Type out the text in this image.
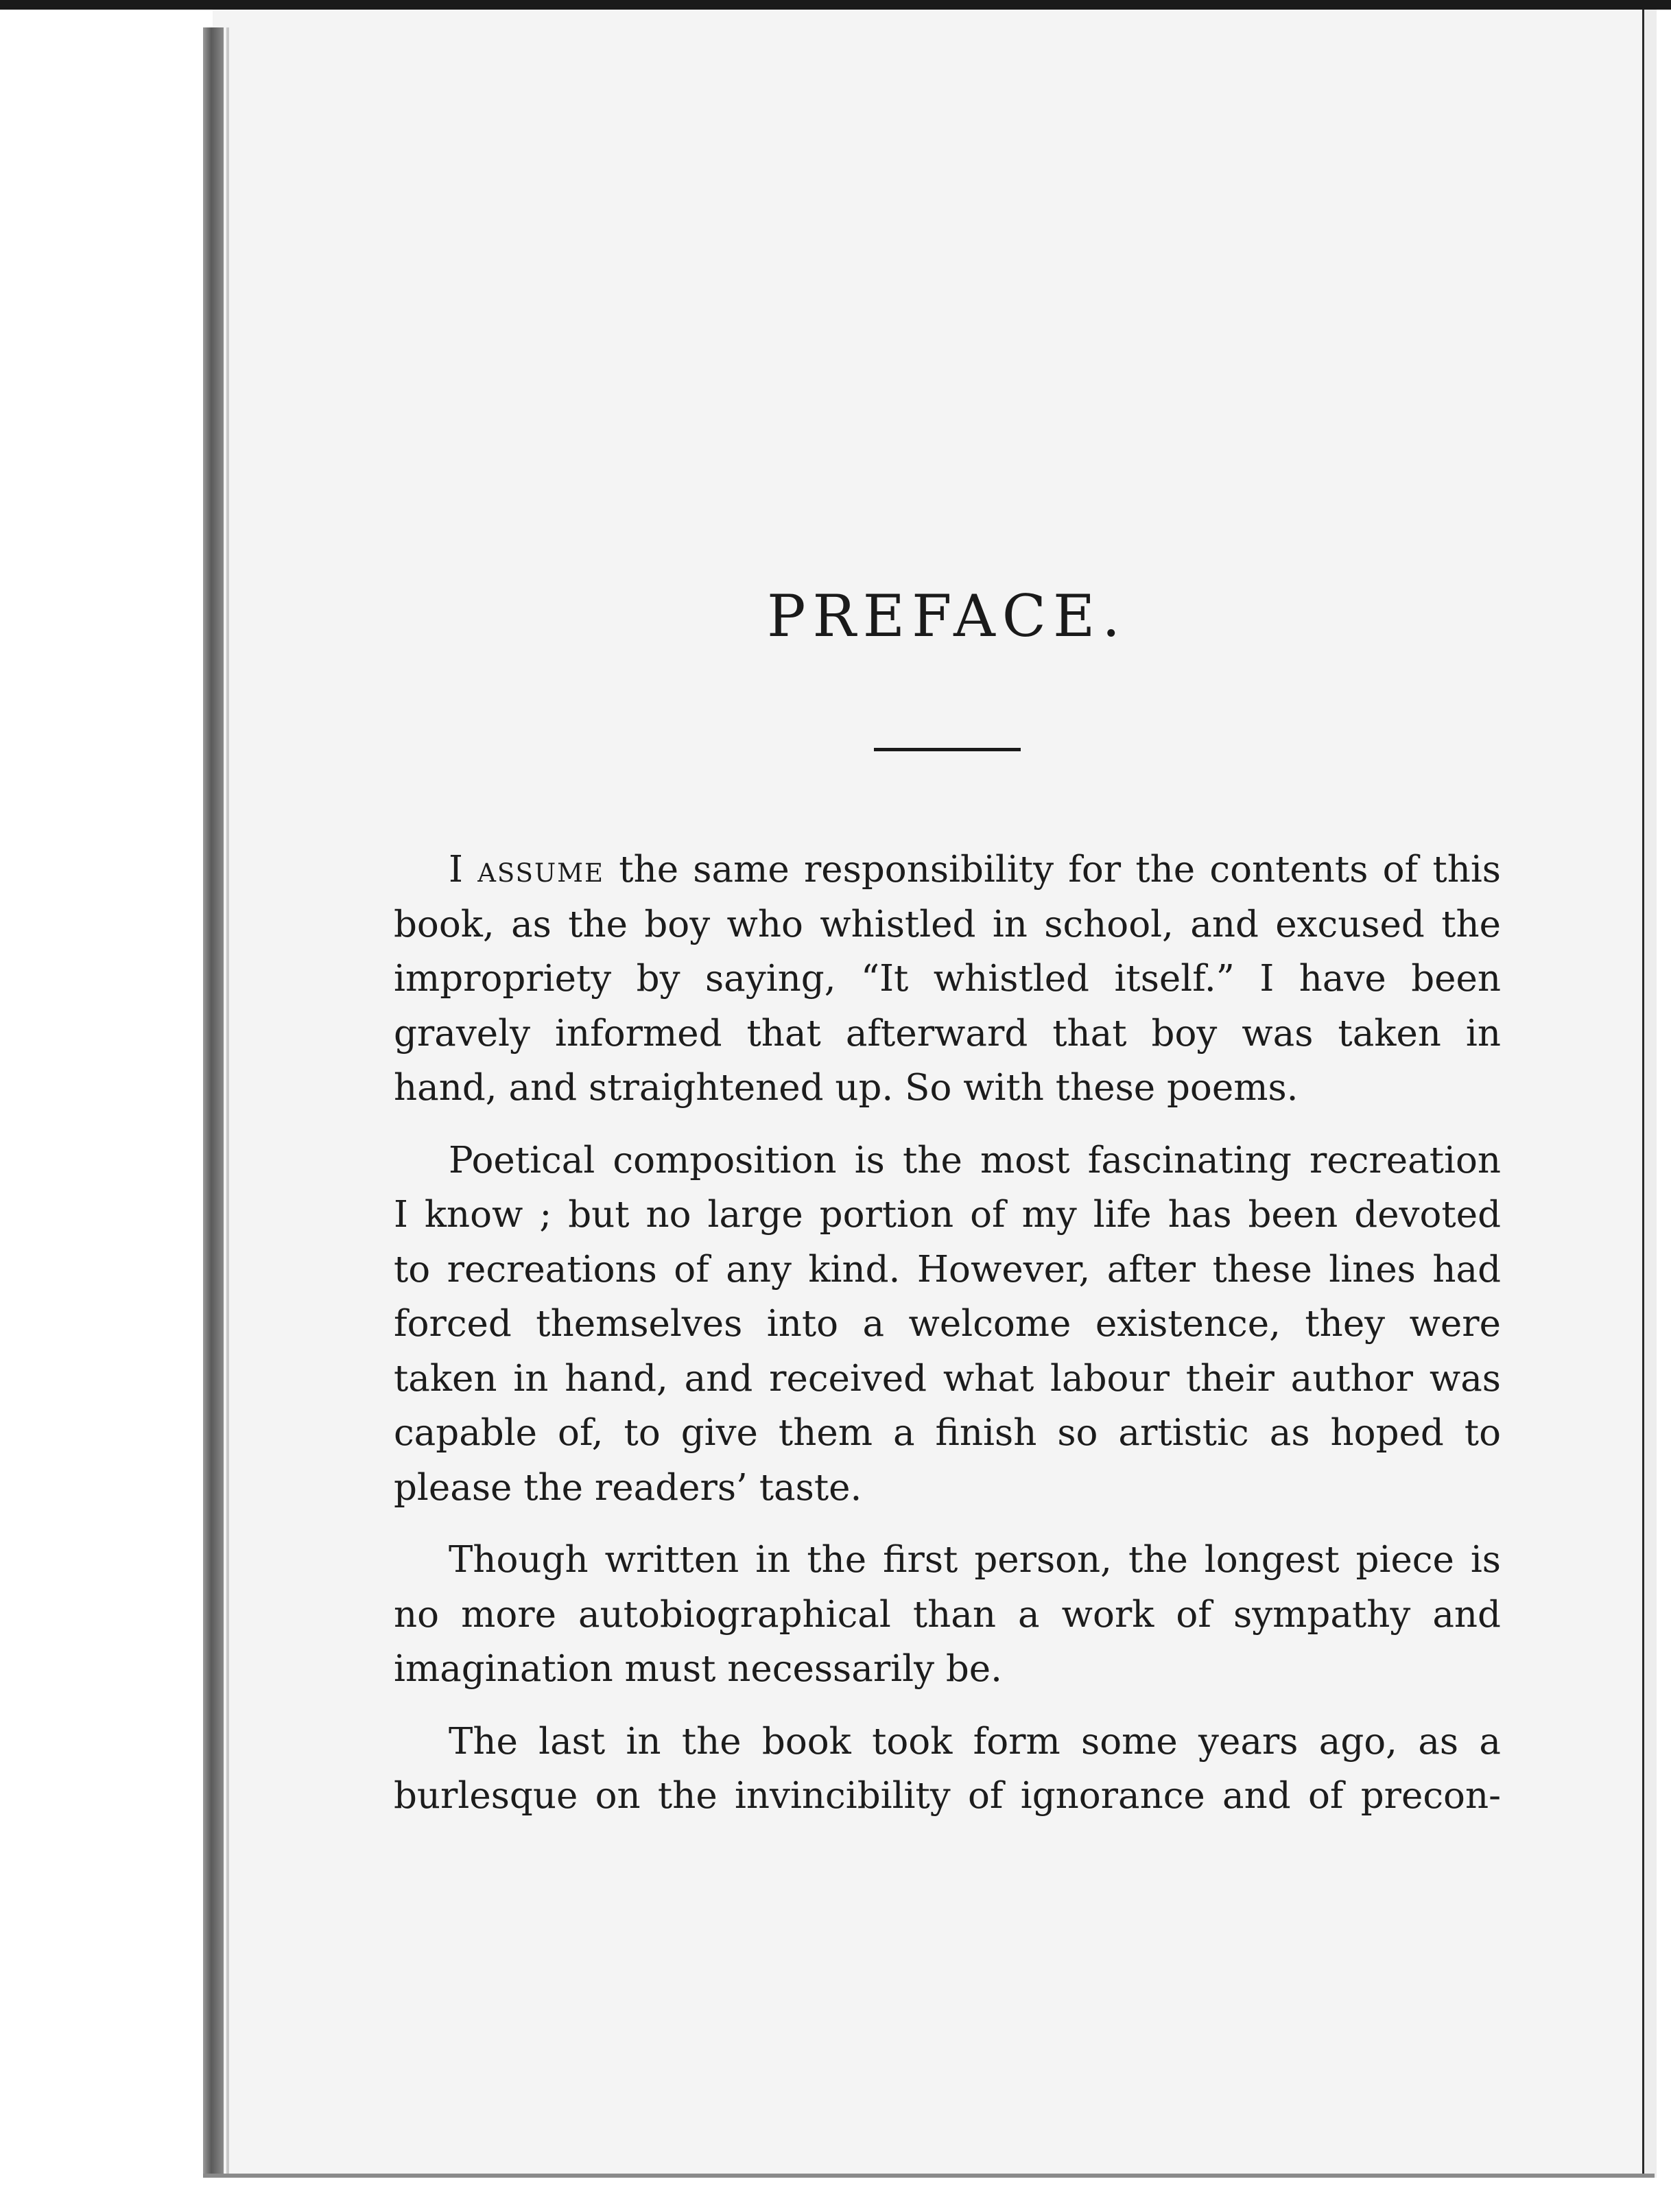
PREFACE.

I assume the same responsibility for the contents of this
book, as the boy who whistled in school, and excused the
impropriety by saying, “It whistled itself.” I have been
gravely informed that afterward that boy was taken in
hand, and straightened up. So with these poems.

Poetical composition is the most fascinating recreation
I know ; but no large portion of my life has been devoted
to recreations of any kind. However, after these lines had
forced themselves into a welcome existence, they were
taken in hand, and received what labour their author was
capable of, to give them a finish so artistic as hoped to
please the readers’ taste.

Though written in the first person, the longest piece is
no more autobiographical than a work of sympathy and
imagination must necessarily be.

The last in the book took form some years ago, as a
burlesque on the invincibility of ignorance and of precon-
